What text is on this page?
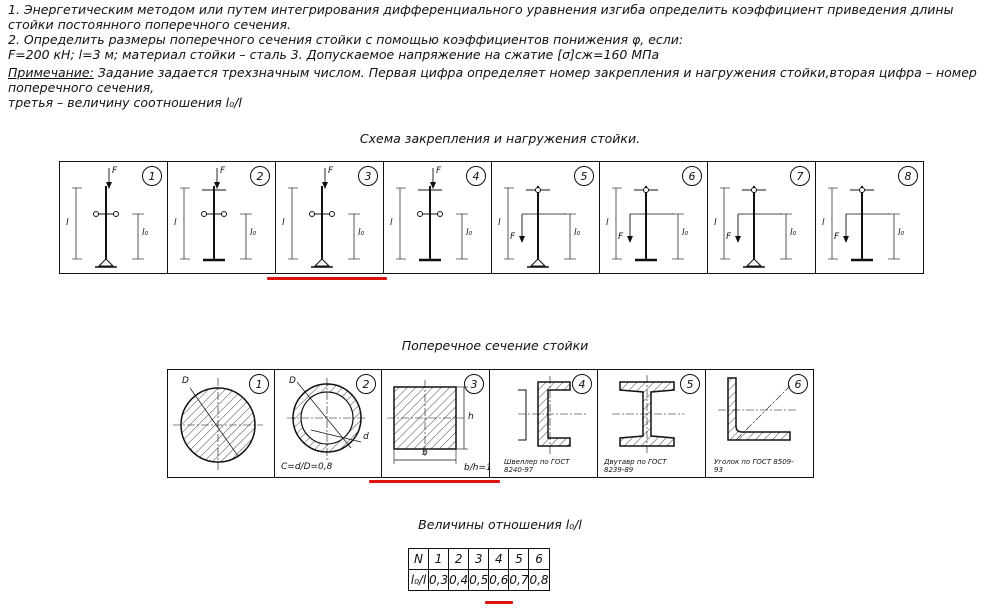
1. Энергетическим методом или путем интегрирования дифференциального уравнения изгиба определить коэффициент приведения длины стойки постоянного поперечного сечения.

2. Определить размеры поперечного сечения стойки с помощью коэффициентов понижения φ, если:

F=200 кН; l=3 м; материал стойки – сталь 3. Допускаемое напряжение на сжатие [σ]сж=160 МПа

Примечание: Задание задается трехзначным числом. Первая цифра определяет номер закрепления и нагружения стойки,вторая цифра – номер поперечного сечения,

третья – величину соотношения l₀/l

Схема закрепления и нагружения стойки.
1
F
l
l₀
2
F
l
l₀
3
F
l
l₀
4
F
l
l₀
5
F
l
l₀
6
F
l
l₀
7
F
l
l₀
8
F
l
l₀
Поперечное сечение стойки
1
D	2
D
d
C=d/D=0,8
3
b
h
b/h=1
4
Швеллер по ГОСТ 8240-97
5
Двутавр по ГОСТ 8239-89
6
Уголок по ГОСТ 8509-93
Величины отношения l₀/l
N	1	2	3	4	5	6
l₀/l	0,3	0,4	0,5	0,6	0,7	0,8
